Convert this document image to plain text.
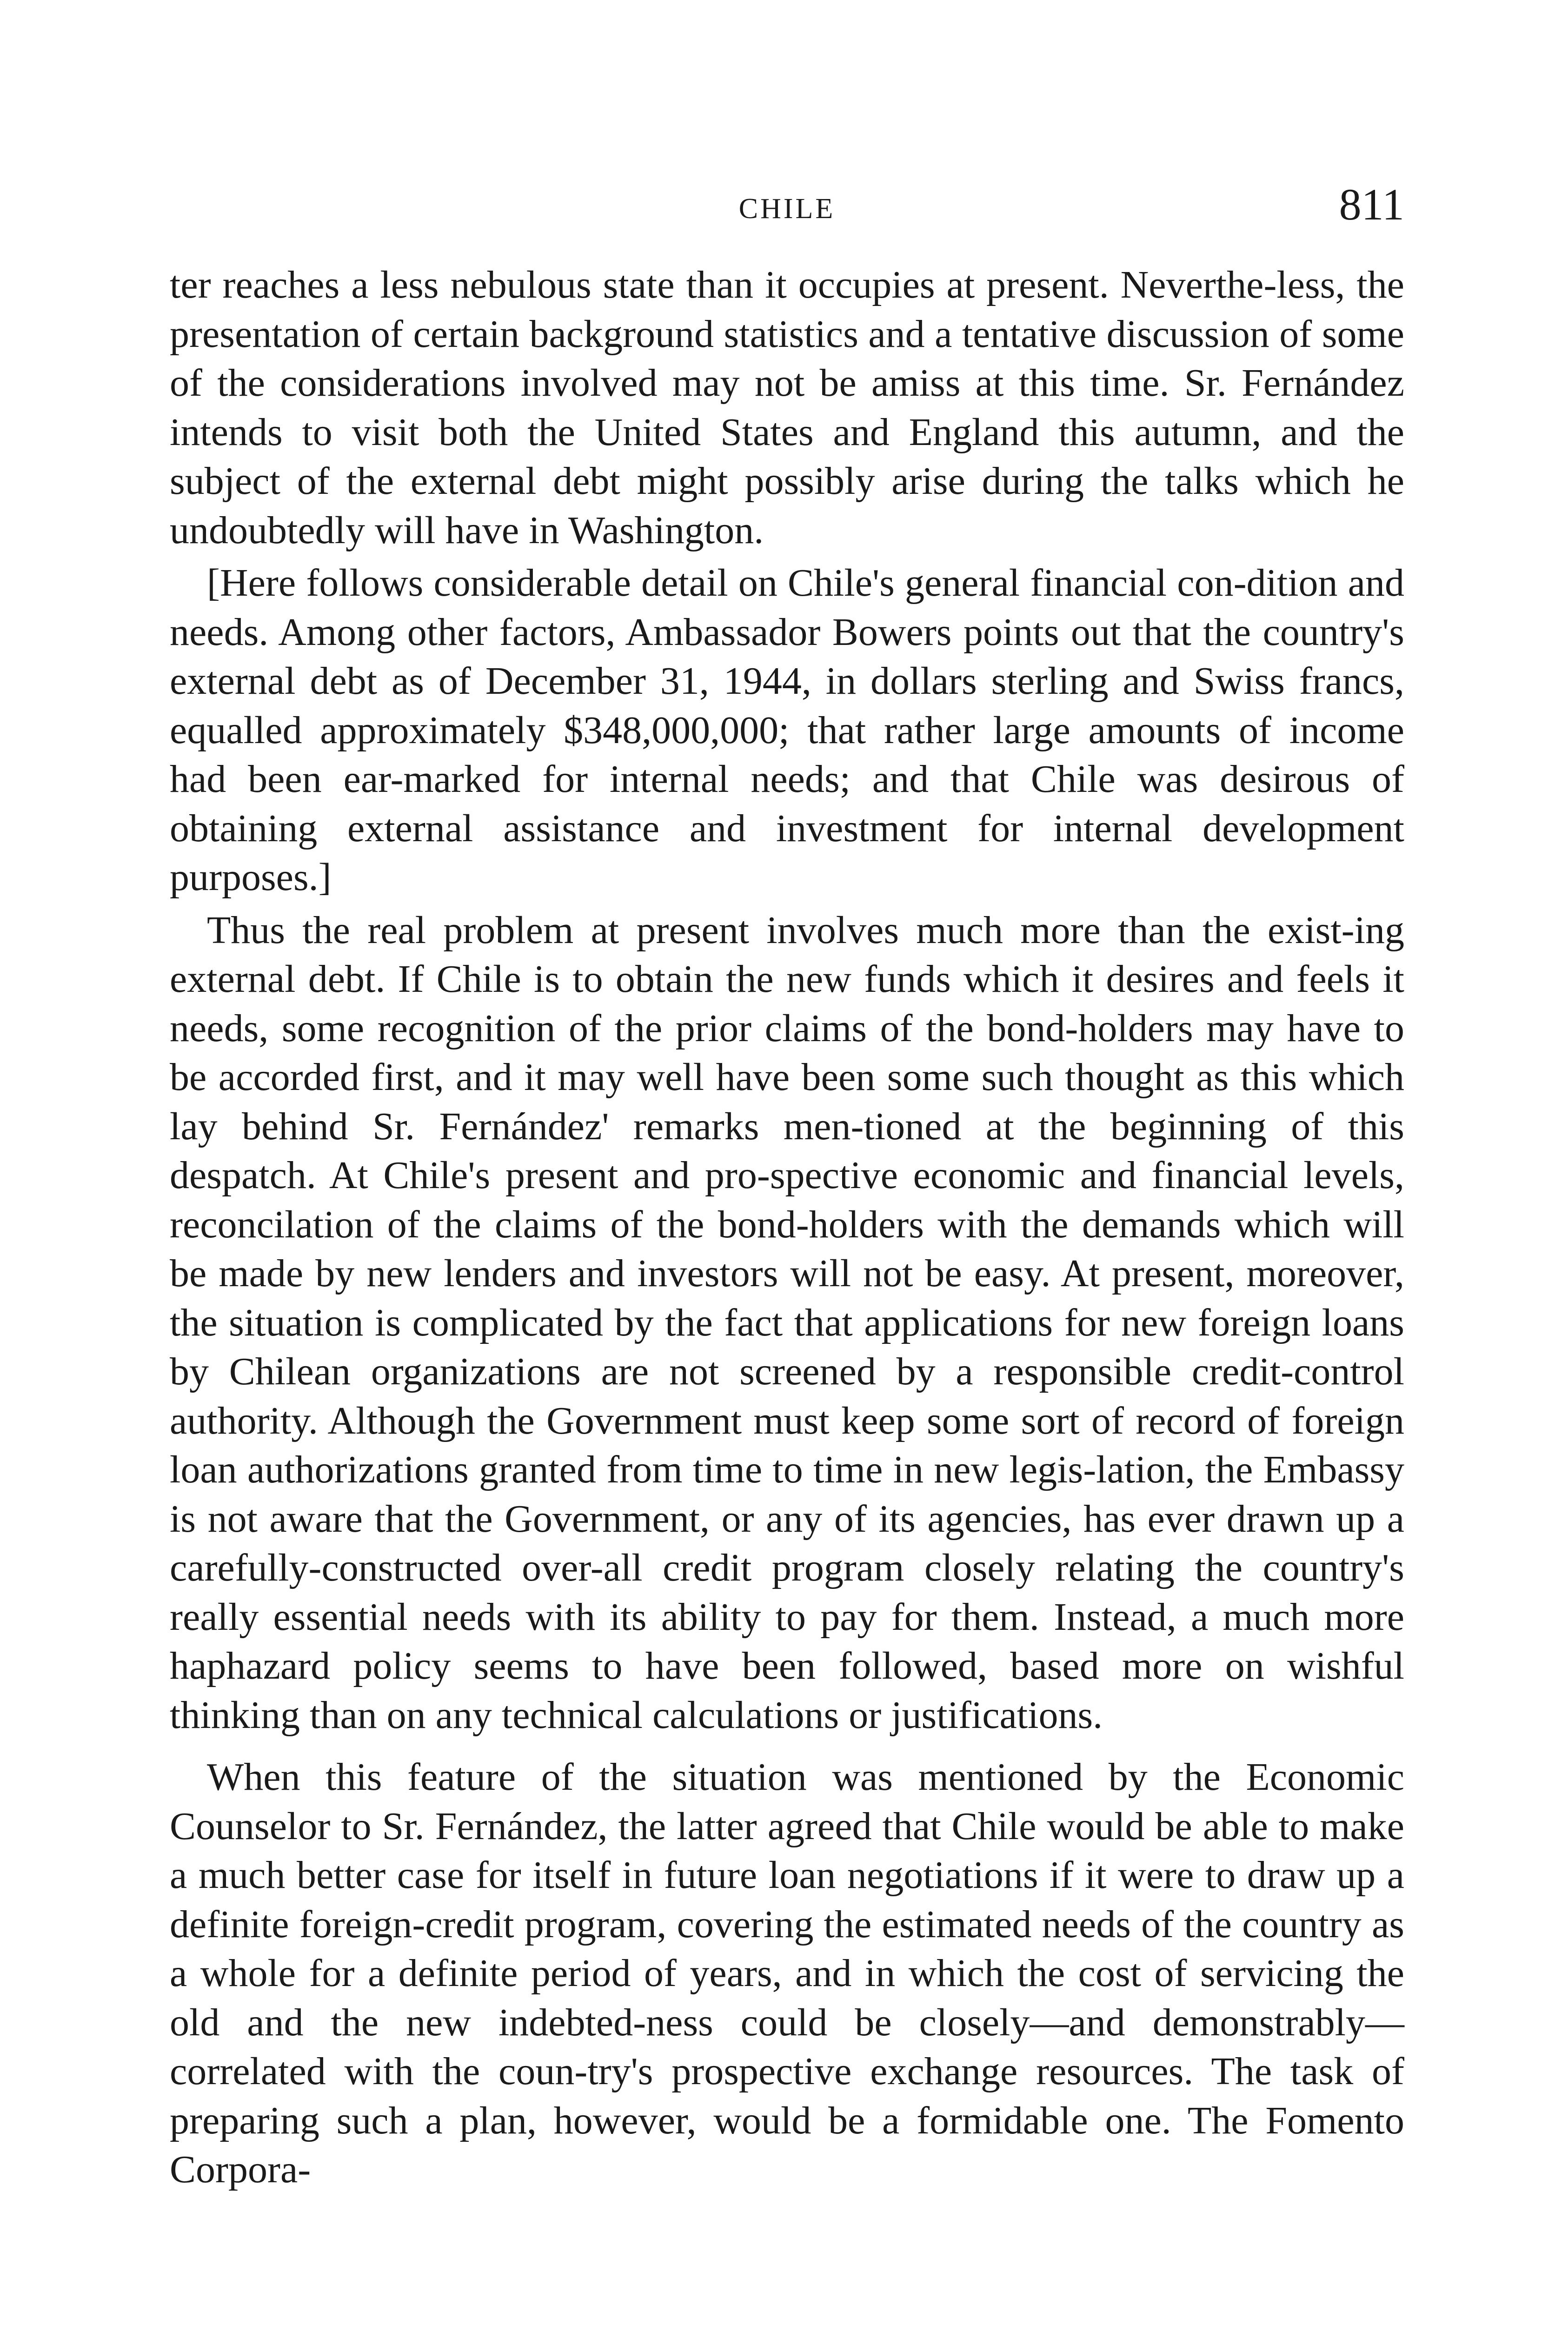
CHILE	811

ter reaches a less nebulous state than it occupies at present. Neverthe-less, the presentation of certain background statistics and a tentative discussion of some of the considerations involved may not be amiss at this time. Sr. Fernández intends to visit both the United States and England this autumn, and the subject of the external debt might possibly arise during the talks which he undoubtedly will have in Washington.

[Here follows considerable detail on Chile's general financial con-dition and needs. Among other factors, Ambassador Bowers points out that the country's external debt as of December 31, 1944, in dollars sterling and Swiss francs, equalled approximately $348,000,000; that rather large amounts of income had been ear-marked for internal needs; and that Chile was desirous of obtaining external assistance and investment for internal development purposes.]

Thus the real problem at present involves much more than the exist-ing external debt. If Chile is to obtain the new funds which it desires and feels it needs, some recognition of the prior claims of the bond-holders may have to be accorded first, and it may well have been some such thought as this which lay behind Sr. Fernández' remarks men-tioned at the beginning of this despatch. At Chile's present and pro-spective economic and financial levels, reconcilation of the claims of the bond-holders with the demands which will be made by new lenders and investors will not be easy. At present, moreover, the situation is complicated by the fact that applications for new foreign loans by Chilean organizations are not screened by a responsible credit-control authority. Although the Government must keep some sort of record of foreign loan authorizations granted from time to time in new legis-lation, the Embassy is not aware that the Government, or any of its agencies, has ever drawn up a carefully-constructed over-all credit program closely relating the country's really essential needs with its ability to pay for them. Instead, a much more haphazard policy seems to have been followed, based more on wishful thinking than on any technical calculations or justifications.

When this feature of the situation was mentioned by the Economic Counselor to Sr. Fernández, the latter agreed that Chile would be able to make a much better case for itself in future loan negotiations if it were to draw up a definite foreign-credit program, covering the estimated needs of the country as a whole for a definite period of years, and in which the cost of servicing the old and the new indebted-ness could be closely—and demonstrably—correlated with the coun-try's prospective exchange resources. The task of preparing such a plan, however, would be a formidable one. The Fomento Corpora-
